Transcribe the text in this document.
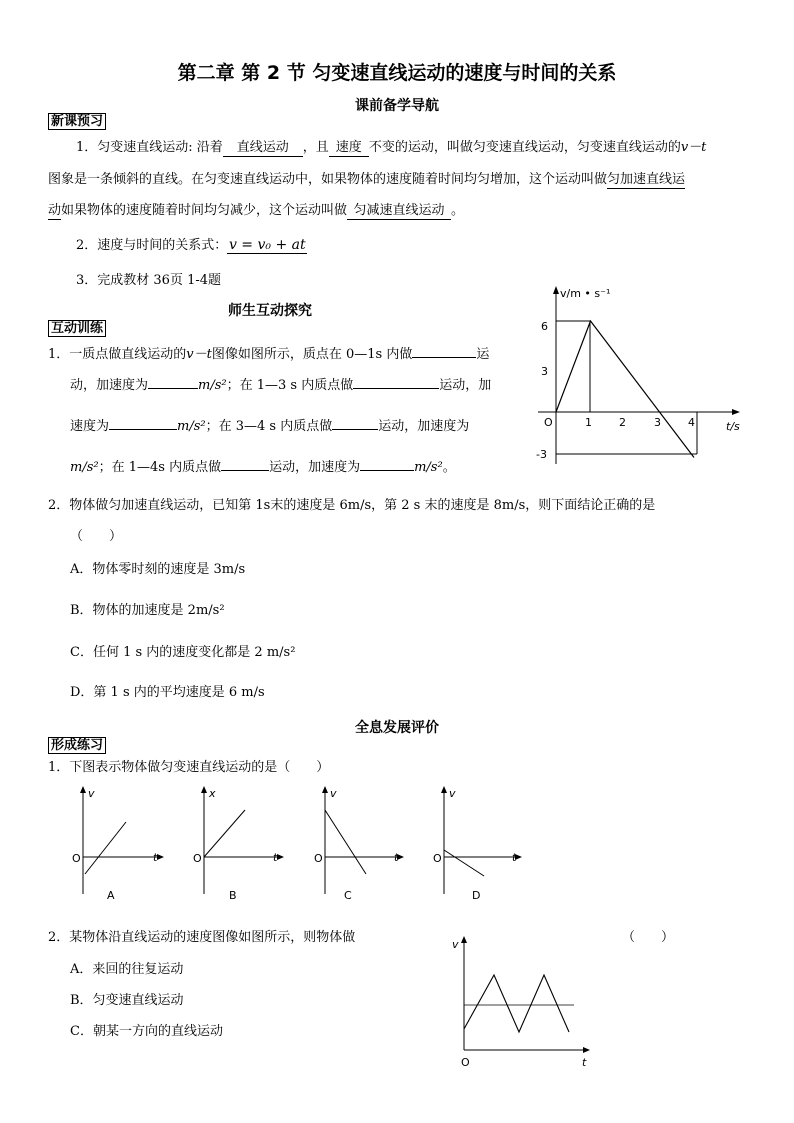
第二章 第 2 节 匀变速直线运动的速度与时间的关系
课前备学导航
新课预习
1．匀变速直线运动: 沿着 直线运动 ，且 速度 不变的运动，叫做匀变速直线运动，匀变速直线运动的v－t
图象是一条倾斜的直线。在匀变速直线运动中，如果物体的速度随着时间均匀增加，这个运动叫做匀加速直线运
动如果物体的速度随着时间均匀减少，这个运动叫做 匀减速直线运动 。
2．速度与时间的关系式： v = v₀ + at
3．完成教材 36页 1-4题
师生互动探究
互动训练
1．一质点做直线运动的v－t图像如图所示，质点在 0—1s 内做	运
动，加速度为	m/s²；在 1—3 s 内质点做	运动，加
速度为	m/s²；在 3—4 s 内质点做	运动，加速度为
m/s²；在 1—4s 内质点做	运动，加速度为	m/s²。
v/m • s⁻¹
t/s
O
6
3
-3
1 2	3 4
2．物体做匀加速直线运动，已知第 1s末的速度是 6m/s，第 2 s 末的速度是 8m/s，则下面结论正确的是
（　　）
A．物体零时刻的速度是 3m/s
B．物体的加速度是 2m/s²
C．任何 1 s 内的速度变化都是 2 m/s²
D．第 1 s 内的平均速度是 6 m/s
全息发展评价
形成练习
1．下图表示物体做匀变速直线运动的是（　　）
v
t
O
A
x
t
O
B
v
t
O
C
v
t
O
D
2．某物体沿直线运动的速度图像如图所示，则物体做	（　　）
A．来回的往复运动
B．匀变速直线运动
C．朝某一方向的直线运动
v
t
O
